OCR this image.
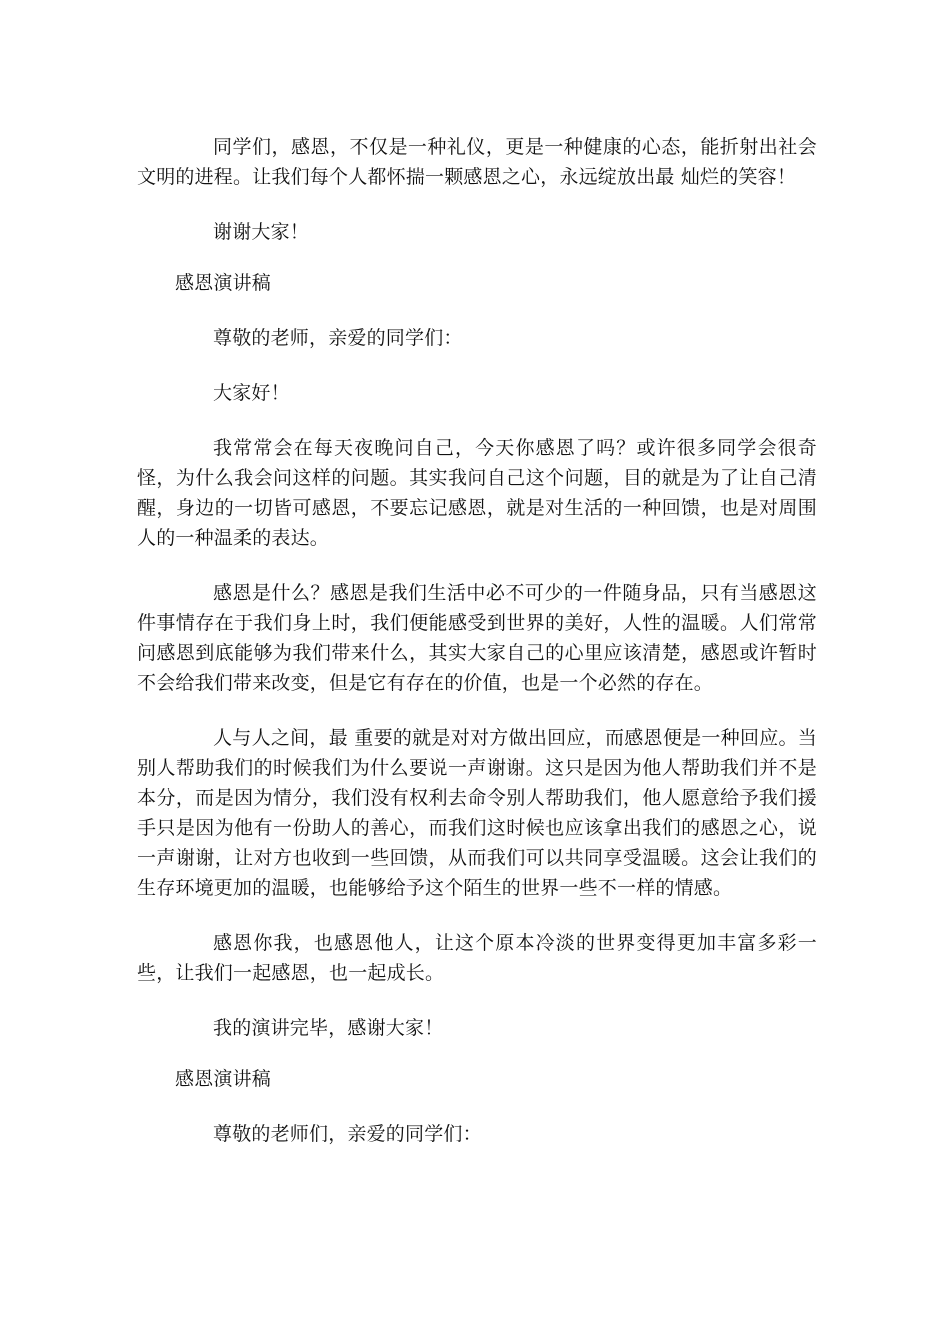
同学们，感恩，不仅是一种礼仪，更是一种健康的心态，能折射出社会文明的进程。让我们每个人都怀揣一颗感恩之心，永远绽放出最 灿烂的笑容！

谢谢大家！

感恩演讲稿

尊敬的老师，亲爱的同学们：

大家好！

我常常会在每天夜晚问自己，今天你感恩了吗？或许很多同学会很奇怪，为什么我会问这样的问题。其实我问自己这个问题，目的就是为了让自己清醒，身边的一切皆可感恩，不要忘记感恩，就是对生活的一种回馈，也是对周围人的一种温柔的表达。

感恩是什么？感恩是我们生活中必不可少的一件随身品，只有当感恩这件事情存在于我们身上时，我们便能感受到世界的美好，人性的温暖。人们常常问感恩到底能够为我们带来什么，其实大家自己的心里应该清楚，感恩或许暂时不会给我们带来改变，但是它有存在的价值，也是一个必然的存在。

人与人之间，最 重要的就是对对方做出回应，而感恩便是一种回应。当别人帮助我们的时候我们为什么要说一声谢谢。这只是因为他人帮助我们并不是本分，而是因为情分，我们没有权利去命令别人帮助我们，他人愿意给予我们援手只是因为他有一份助人的善心，而我们这时候也应该拿出我们的感恩之心，说一声谢谢，让对方也收到一些回馈，从而我们可以共同享受温暖。这会让我们的生存环境更加的温暖，也能够给予这个陌生的世界一些不一样的情感。

感恩你我，也感恩他人，让这个原本冷淡的世界变得更加丰富多彩一些，让我们一起感恩，也一起成长。

我的演讲完毕，感谢大家！

感恩演讲稿

尊敬的老师们，亲爱的同学们：
